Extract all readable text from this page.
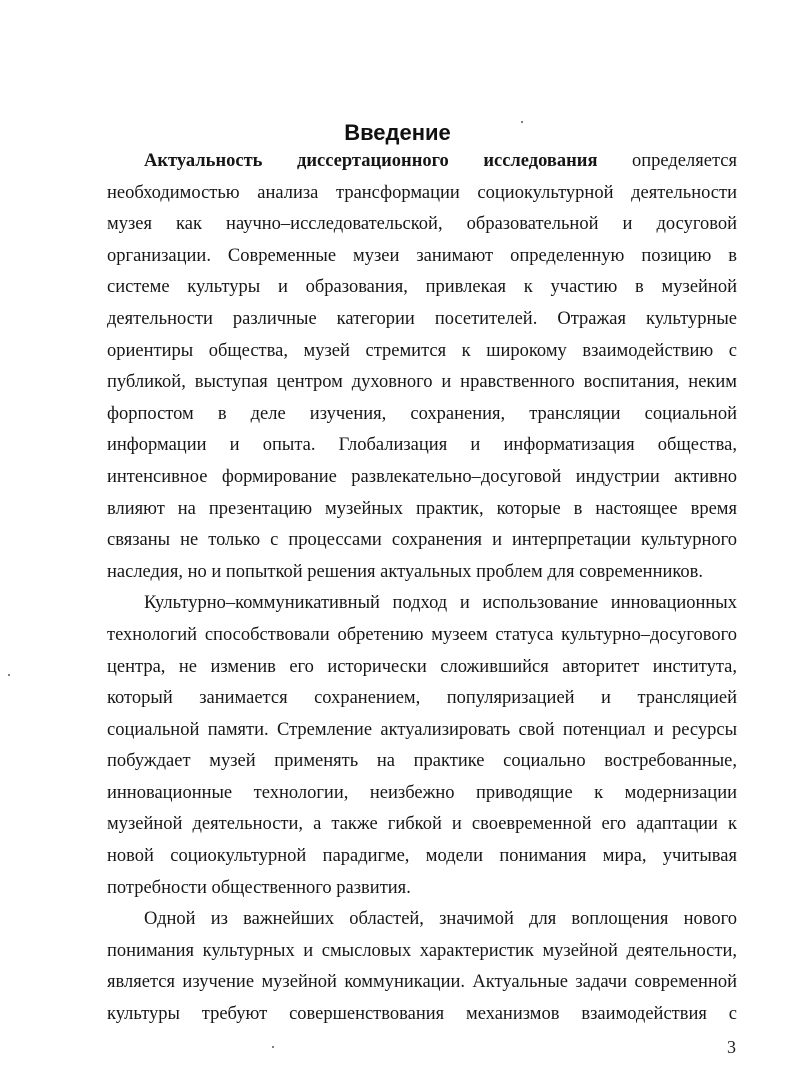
Введение
Актуальность диссертационного исследования определяется
необходимостью анализа трансформации социокультурной деятельности
музея как научно–исследовательской, образовательной и досуговой
организации. Современные музеи занимают определенную позицию в
системе культуры и образования, привлекая к участию в музейной
деятельности различные категории посетителей. Отражая культурные
ориентиры общества, музей стремится к широкому взаимодействию с
публикой, выступая центром духовного и нравственного воспитания, неким
форпостом в деле изучения, сохранения, трансляции социальной
информации и опыта. Глобализация и информатизация общества,
интенсивное формирование развлекательно–досуговой индустрии активно
влияют на презентацию музейных практик, которые в настоящее время
связаны не только с процессами сохранения и интерпретации культурного
наследия, но и попыткой решения актуальных проблем для современников.
Культурно–коммуникативный подход и использование инновационных
технологий способствовали обретению музеем статуса культурно–досугового
центра, не изменив его исторически сложившийся авторитет института,
который занимается сохранением, популяризацией и трансляцией
социальной памяти. Стремление актуализировать свой потенциал и ресурсы
побуждает музей применять на практике социально востребованные,
инновационные технологии, неизбежно приводящие к модернизации
музейной деятельности, а также гибкой и своевременной его адаптации к
новой социокультурной парадигме, модели понимания мира, учитывая
потребности общественного развития.
Одной из важнейших областей, значимой для воплощения нового
понимания культурных и смысловых характеристик музейной деятельности,
является изучение музейной коммуникации. Актуальные задачи современной
культуры требуют совершенствования механизмов взаимодействия с
3
